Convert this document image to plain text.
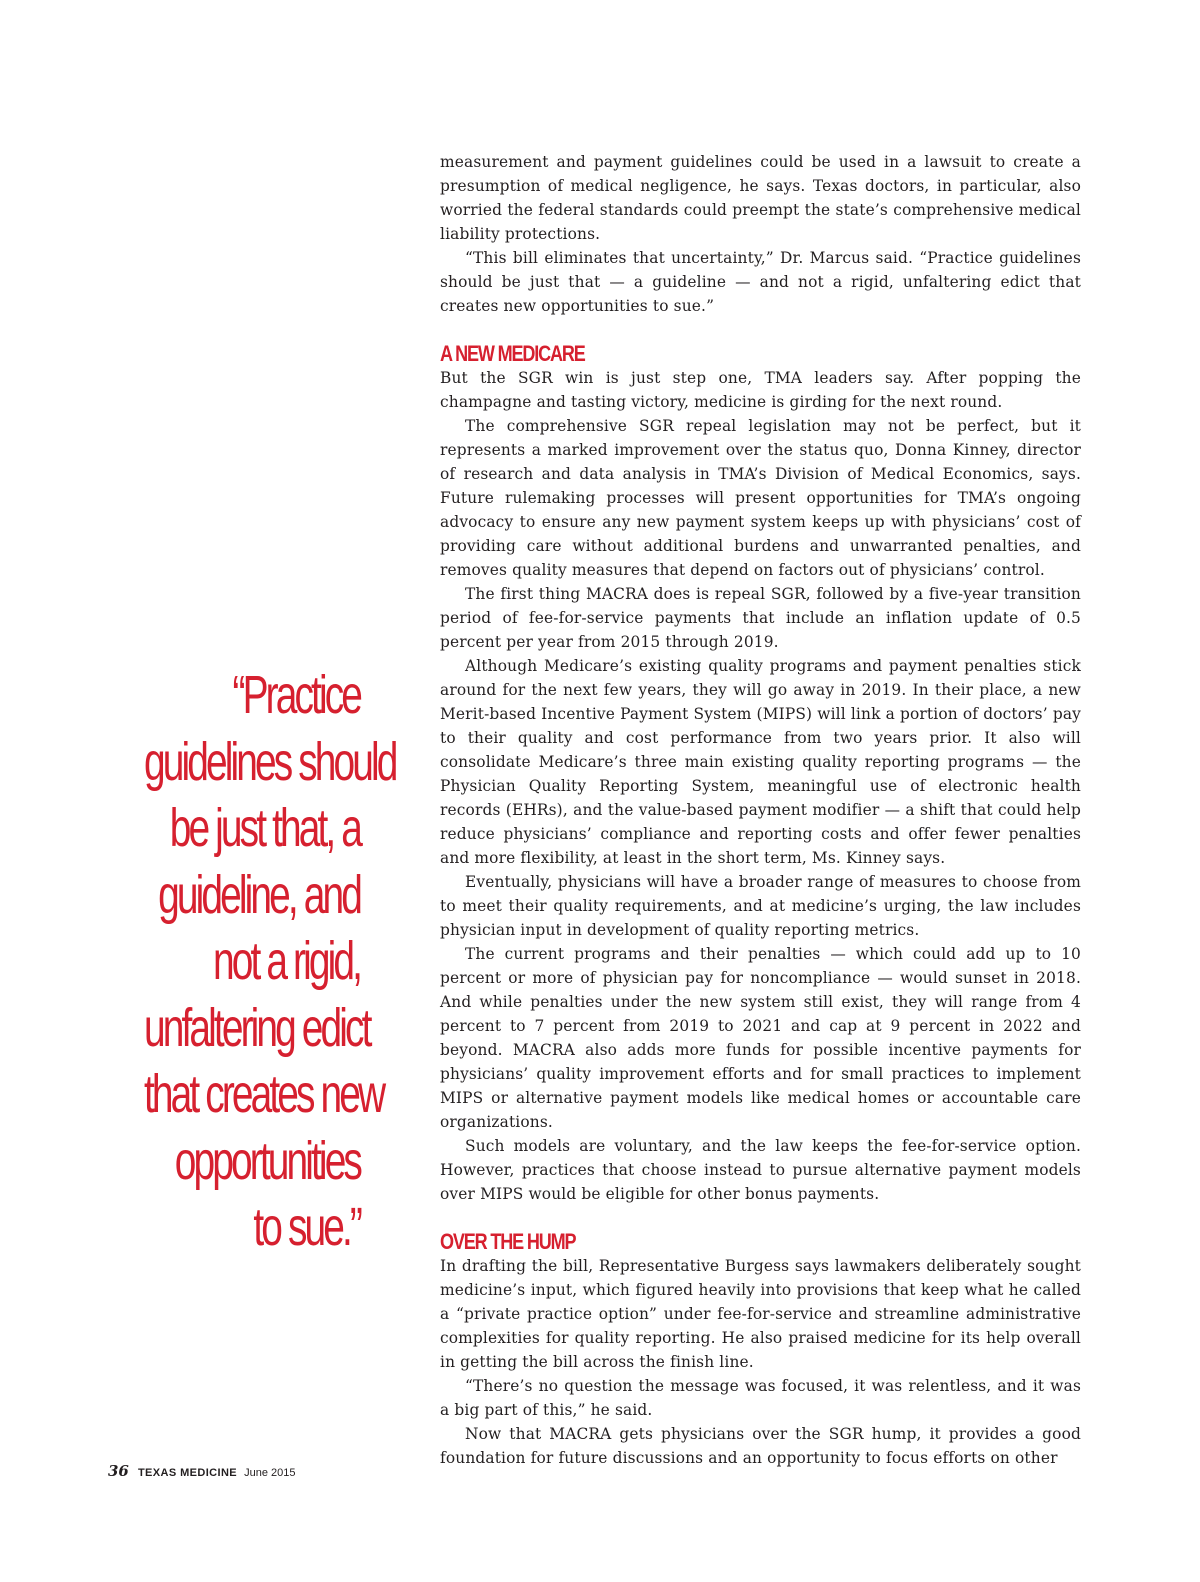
“Practice
guidelines should
be just that, a
guideline, and
not a rigid,
unfaltering edict
that creates new
opportunities
to sue.”

measurement and payment guidelines could be used in a lawsuit to create a presumption of medical negligence, he says. Texas doctors, in particular, also worried the federal standards could preempt the state’s comprehensive medical liability protections.

“This bill eliminates that uncertainty,” Dr. Marcus said. “Practice guidelines should be just that — a guideline — and not a rigid, unfaltering edict that creates new opportunities to sue.”

A NEW MEDICARE

But the SGR win is just step one, TMA leaders say. After popping the champagne and tasting victory, medicine is girding for the next round.

The comprehensive SGR repeal legislation may not be perfect, but it represents a marked improvement over the status quo, Donna Kinney, director of research and data analysis in TMA’s Division of Medical Economics, says. Future rulemaking processes will present opportunities for TMA’s ongoing advocacy to ensure any new payment system keeps up with physicians’ cost of providing care without additional burdens and unwarranted penalties, and removes quality measures that depend on factors out of physicians’ control.

The first thing MACRA does is repeal SGR, followed by a five-year transition period of fee-for-service payments that include an inflation update of 0.5 percent per year from 2015 through 2019.

Although Medicare’s existing quality programs and payment penalties stick around for the next few years, they will go away in 2019. In their place, a new Merit-based Incentive Payment System (MIPS) will link a portion of doctors’ pay to their quality and cost performance from two years prior. It also will consolidate Medicare’s three main existing quality reporting programs — the Physician Quality Reporting System, meaningful use of electronic health records (EHRs), and the value-based payment modifier — a shift that could help reduce physicians’ compliance and reporting costs and offer fewer penalties and more flexibility, at least in the short term, Ms. Kinney says.

Eventually, physicians will have a broader range of measures to choose from to meet their quality requirements, and at medicine’s urging, the law includes physician input in development of quality reporting metrics.

The current programs and their penalties — which could add up to 10 percent or more of physician pay for noncompliance — would sunset in 2018. And while penalties under the new system still exist, they will range from 4 percent to 7 percent from 2019 to 2021 and cap at 9 percent in 2022 and beyond. MACRA also adds more funds for possible incentive payments for physicians’ quality improvement efforts and for small practices to implement MIPS or alternative payment models like medical homes or accountable care organizations.

Such models are voluntary, and the law keeps the fee-for-service option. However, practices that choose instead to pursue alternative payment models over MIPS would be eligible for other bonus payments.

OVER THE HUMP

In drafting the bill, Representative Burgess says lawmakers deliberately sought medicine’s input, which figured heavily into provisions that keep what he called a “private practice option” under fee-for-service and streamline administrative complexities for quality reporting. He also praised medicine for its help overall in getting the bill across the finish line.

“There’s no question the message was focused, it was relentless, and it was a big part of this,” he said.

Now that MACRA gets physicians over the SGR hump, it provides a good foundation for future discussions and an opportunity to focus efforts on other

36 TEXAS MEDICINE June 2015
